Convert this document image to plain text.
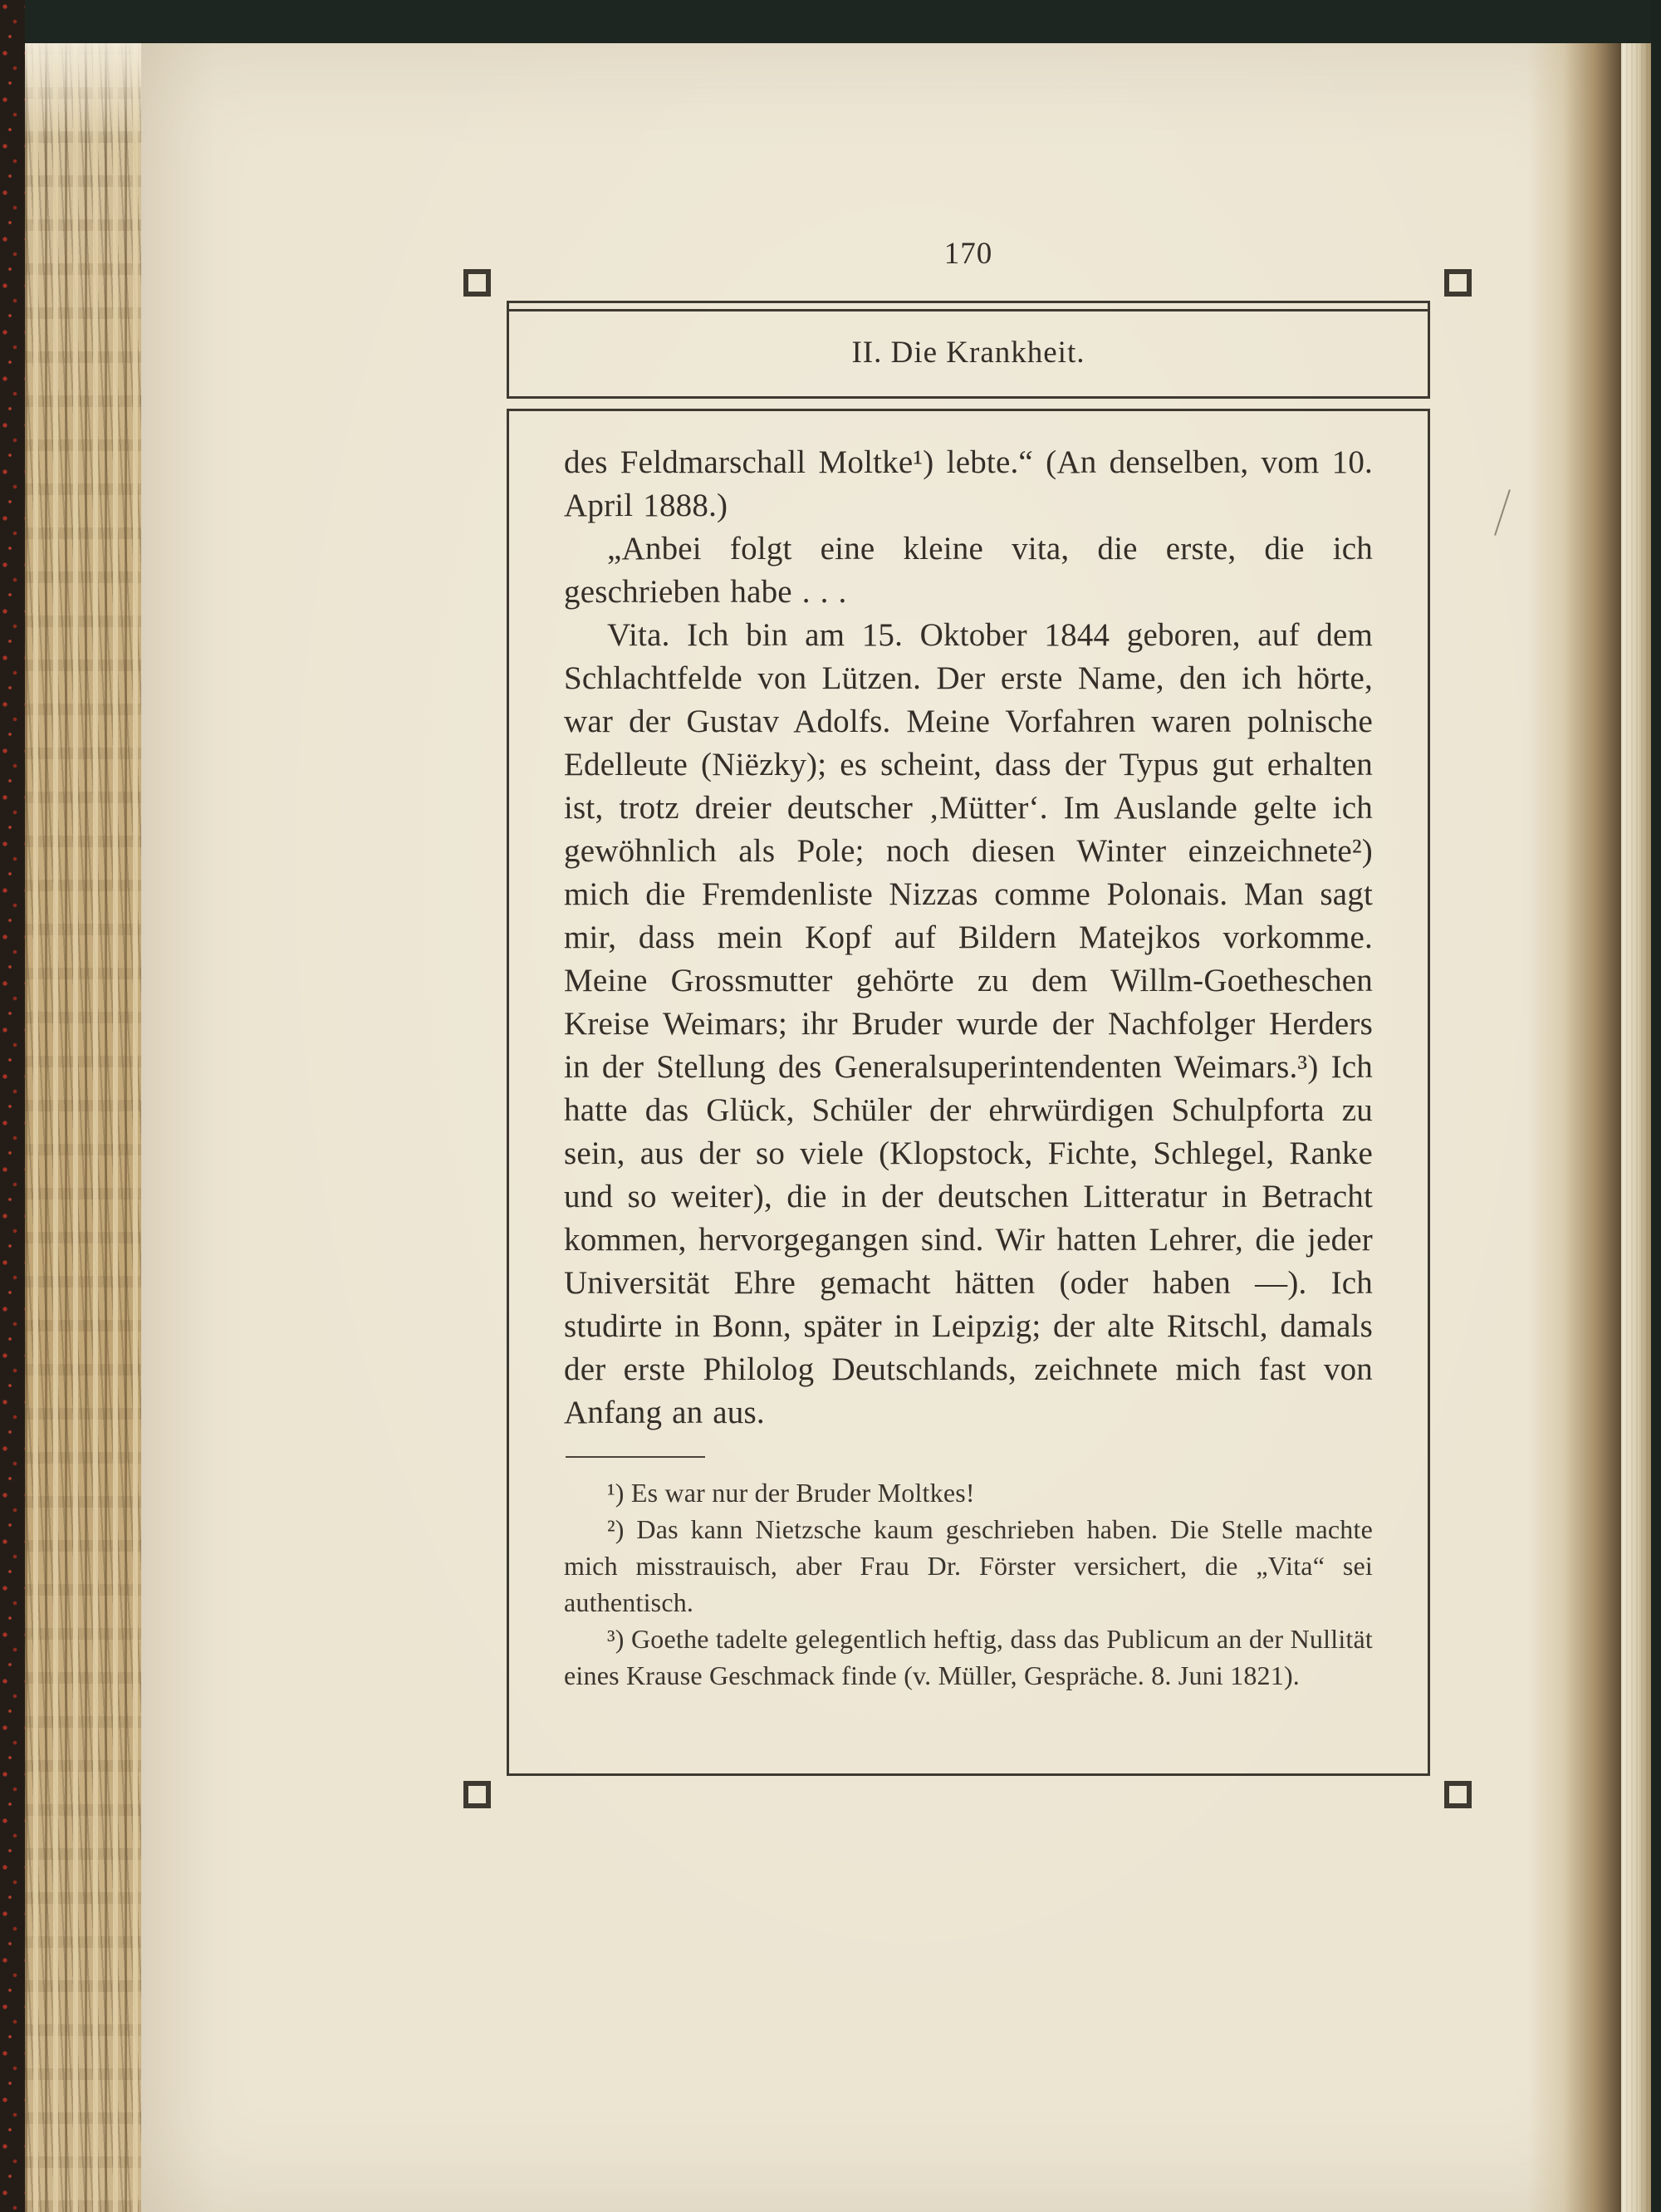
170
II. Die Krankheit.

des Feldmarschall Moltke¹) lebte.“ (An denselben, vom 10. April 1888.)

„Anbei folgt eine kleine vita, die erste, die ich geschrieben habe . . .

Vita. Ich bin am 15. Oktober 1844 geboren, auf dem Schlachtfelde von Lützen. Der erste Name, den ich hörte, war der Gustav Adolfs. Meine Vorfahren waren polnische Edelleute (Niëzky); es scheint, dass der Typus gut erhalten ist, trotz dreier deutscher ‚Mütter‘. Im Auslande gelte ich gewöhnlich als Pole; noch diesen Winter einzeichnete²) mich die Fremdenliste Nizzas comme Polonais. Man sagt mir, dass mein Kopf auf Bildern Matejkos vorkomme. Meine Grossmutter gehörte zu dem Willm-Goetheschen Kreise Weimars; ihr Bruder wurde der Nachfolger Herders in der Stellung des Generalsuperintendenten Weimars.³) Ich hatte das Glück, Schüler der ehrwürdigen Schulpforta zu sein, aus der so viele (Klopstock, Fichte, Schlegel, Ranke und so weiter), die in der deutschen Litteratur in Betracht kommen, hervorgegangen sind. Wir hatten Lehrer, die jeder Universität Ehre gemacht hätten (oder haben —). Ich studirte in Bonn, später in Leipzig; der alte Ritschl, damals der erste Philolog Deutschlands, zeichnete mich fast von Anfang an aus.

¹) Es war nur der Bruder Moltkes!

²) Das kann Nietzsche kaum geschrieben haben. Die Stelle machte mich misstrauisch, aber Frau Dr. Förster versichert, die „Vita“ sei authentisch.

³) Goethe tadelte gelegentlich heftig, dass das Publicum an der Nullität eines Krause Geschmack finde (v. Müller, Gespräche. 8. Juni 1821).
